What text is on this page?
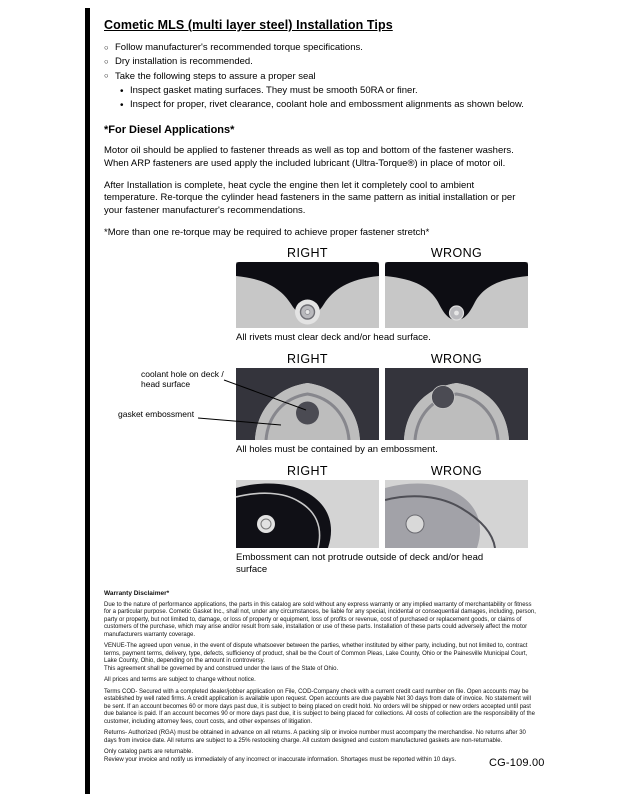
Cometic MLS (multi layer steel) Installation Tips
○ Follow manufacturer's recommended torque specifications.
○ Dry installation is recommended.
○ Take the following steps to assure a proper seal
• Inspect gasket mating surfaces. They must be smooth 50RA or finer.
• Inspect for proper, rivet clearance, coolant hole and embossment alignments as shown below.
*For Diesel Applications*

Motor oil should be applied to fastener threads as well as top and bottom of the fastener washers. When ARP fasteners are used apply the included lubricant (Ultra-Torque®) in place of motor oil.

After Installation is complete, heat cycle the engine then let it completely cool to ambient temperature. Re-torque the cylinder head fasteners in the same pattern as initial installation or per your fastener manufacturer's recommendations.

*More than one re-torque may be required to achieve proper fastener stretch*

RIGHT	WRONG

All rivets must clear deck and/or head surface.

RIGHT	WRONG
coolant hole on deck / head surface
gasket embossment

All holes must be contained by an embossment.

RIGHT	WRONG

Embossment can not protrude outside of deck and/or head surface

Warranty Disclaimer*

Due to the nature of performance applications, the parts in this catalog are sold without any express warranty or any implied warranty of merchantability or fitness for a particular purpose. Cometic Gasket Inc., shall not, under any circumstances, be liable for any special, incidental or consequential damages, including, person, party or property, but not limited to, damage, or loss of property or equipment, loss of profits or revenue, cost of purchased or replacement goods, or claims of customers of the purchase, which may arise and/or result from sale, installation or use of these parts. Installation of these parts could adversely affect the motor manufacturers warranty coverage.

VENUE-The agreed upon venue, in the event of dispute whatsoever between the parties, whether instituted by either party, including, but not limited to, contract terms, payment terms, delivery, type, defects, sufficiency of product, shall be the Court of Common Pleas, Lake County, Ohio or the Painesville Municipal Court, Lake County, Ohio, depending on the amount in controversy.

This agreement shall be governed by and construed under the laws of the State of Ohio.

All prices and terms are subject to change without notice.

Terms COD- Secured with a completed dealer/jobber application on File, COD-Company check with a current credit card number on file. Open accounts may be established by well rated firms. A credit application is available upon request. Open accounts are due payable Net 30 days from date of invoice. No statement will be sent. If an account becomes 60 or more days past due, it is subject to being placed on credit hold. No orders will be shipped or new orders accepted until past due balance is paid. If an account becomes 90 or more days past due, it is subject to being placed for collections. All costs of collection are the responsibility of the customer, including attorney fees, court costs, and other expenses of litigation.

Returns- Authorized (RGA) must be obtained in advance on all returns. A packing slip or invoice number must accompany the merchandise. No returns after 30 days from invoice date. All returns are subject to a 25% restocking charge. All custom designed and custom manufactured gaskets are non-returnable.

Only catalog parts are returnable.

Review your invoice and notify us immediately of any incorrect or inaccurate information. Shortages must be reported within 10 days.	CG-109.00
